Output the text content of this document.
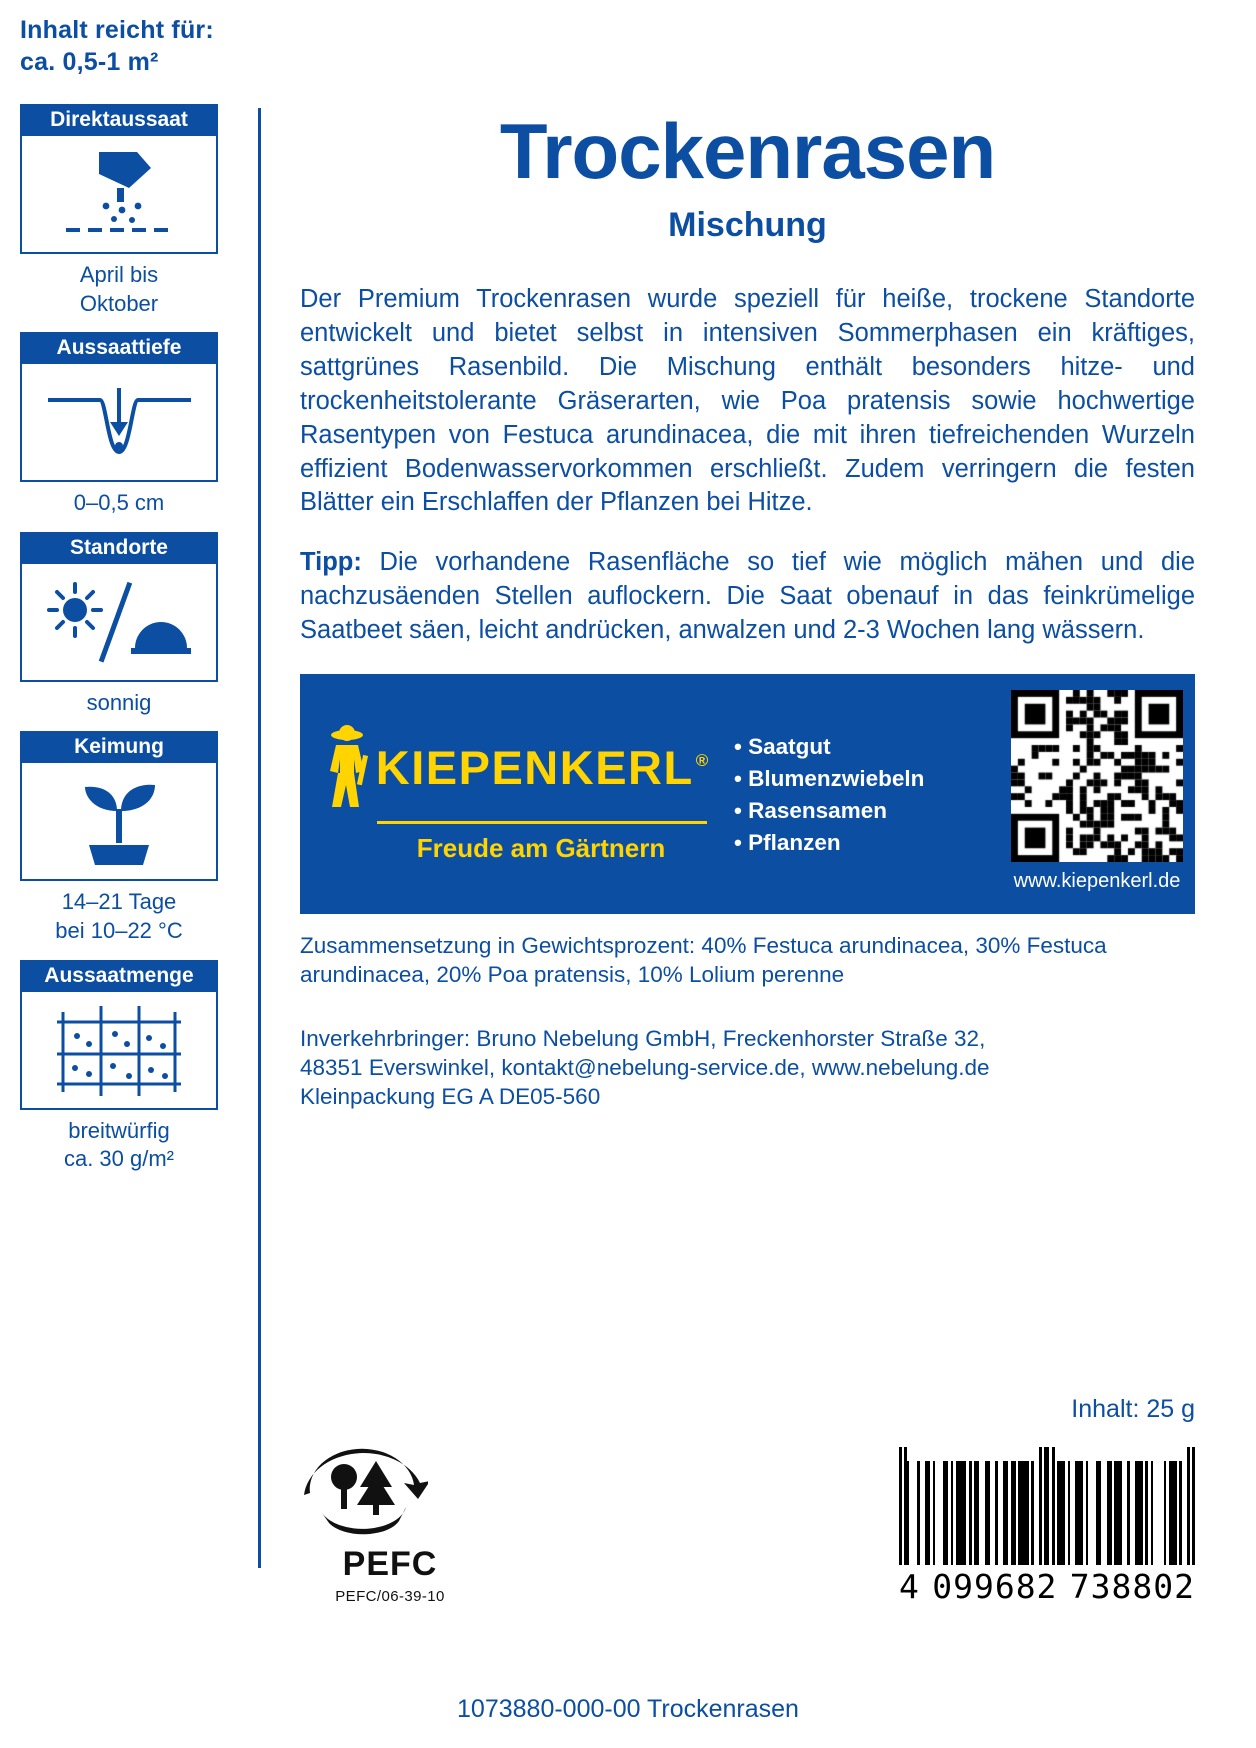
Inhalt reicht für:
ca. 0,5-1 m²
Direktaussaat
April bis
Oktober
Aussaattiefe
0–0,5 cm
Standorte
sonnig
Keimung
14–21 Tage
bei 10–22 °C
Aussaatmenge
breitwürfig
ca. 30 g/m²
Trockenrasen
Mischung
Der Premium Trockenrasen wurde speziell für heiße, trockene Standorte entwickelt und bietet selbst in intensiven Sommerphasen ein kräftiges, sattgrünes Rasenbild. Die Mischung enthält besonders hitze- und trockenheitstolerante Gräserarten, wie Poa pratensis sowie hochwertige Rasentypen von Festuca arundinacea, die mit ihren tiefreichenden Wurzeln effizient Bodenwasservorkommen erschließt. Zudem verringern die festen Blätter ein Erschlaffen der Pflanzen bei Hitze.
Tipp: Die vorhandene Rasenfläche so tief wie möglich mähen und die nachzusäenden Stellen auflockern. Die Saat obenauf in das feinkrümelige Saatbeet säen, leicht andrücken, anwalzen und 2-3 Wochen lang wässern.
KIEPENKERL ®
Freude am Gärtnern
• Saatgut
• Blumenzwiebeln
• Rasensamen
• Pflanzen
www.kiepenkerl.de
Zusammensetzung in Gewichtsprozent: 40% Festuca arundinacea, 30% Festuca arundinacea, 20% Poa pratensis, 10% Lolium perenne
Inverkehrbringer: Bruno Nebelung GmbH, Freckenhorster Straße 32,
48351 Everswinkel, kontakt@nebelung-service.de, www.nebelung.de
Kleinpackung EG A DE05-560
Inhalt: 25 g
PEFC
PEFC/06-39-10	4 099682 738802
1073880-000-00 Trockenrasen
